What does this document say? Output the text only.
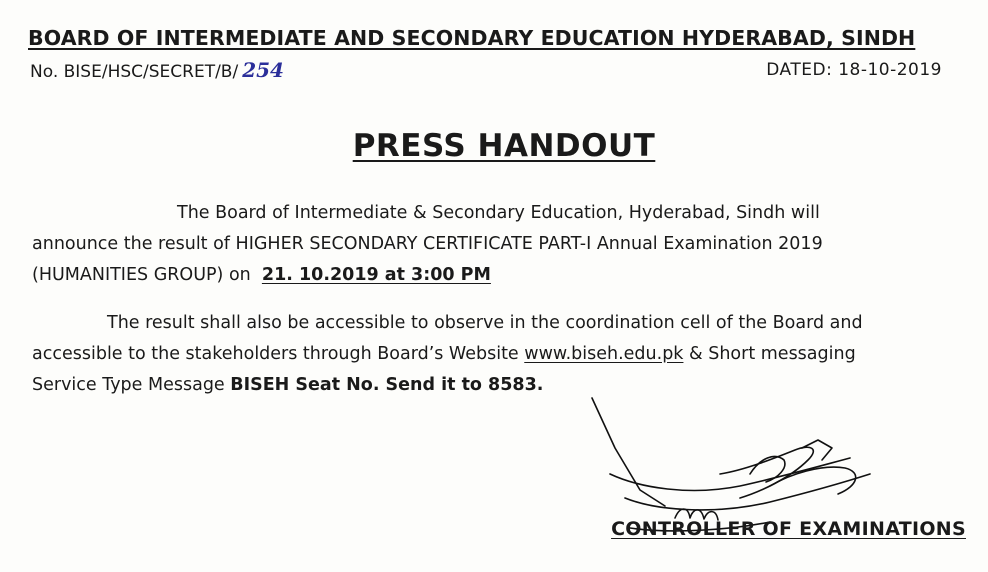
BOARD OF INTERMEDIATE AND SECONDARY EDUCATION HYDERABAD, SINDH
No. BISE/HSC/SECRET/B/ 254	DATED: 18-10-2019
PRESS HANDOUT
The Board of Intermediate & Secondary Education, Hyderabad, Sindh will
announce the result of HIGHER SECONDARY CERTIFICATE PART-I Annual Examination 2019
(HUMANITIES GROUP) on  21. 10.2019 at 3:00 PM
The result shall also be accessible to observe in the coordination cell of the Board and
accessible to the stakeholders through Board’s Website www.biseh.edu.pk & Short messaging
Service Type Message BISEH Seat No. Send it to 8583.
CONTROLLER OF EXAMINATIONS
